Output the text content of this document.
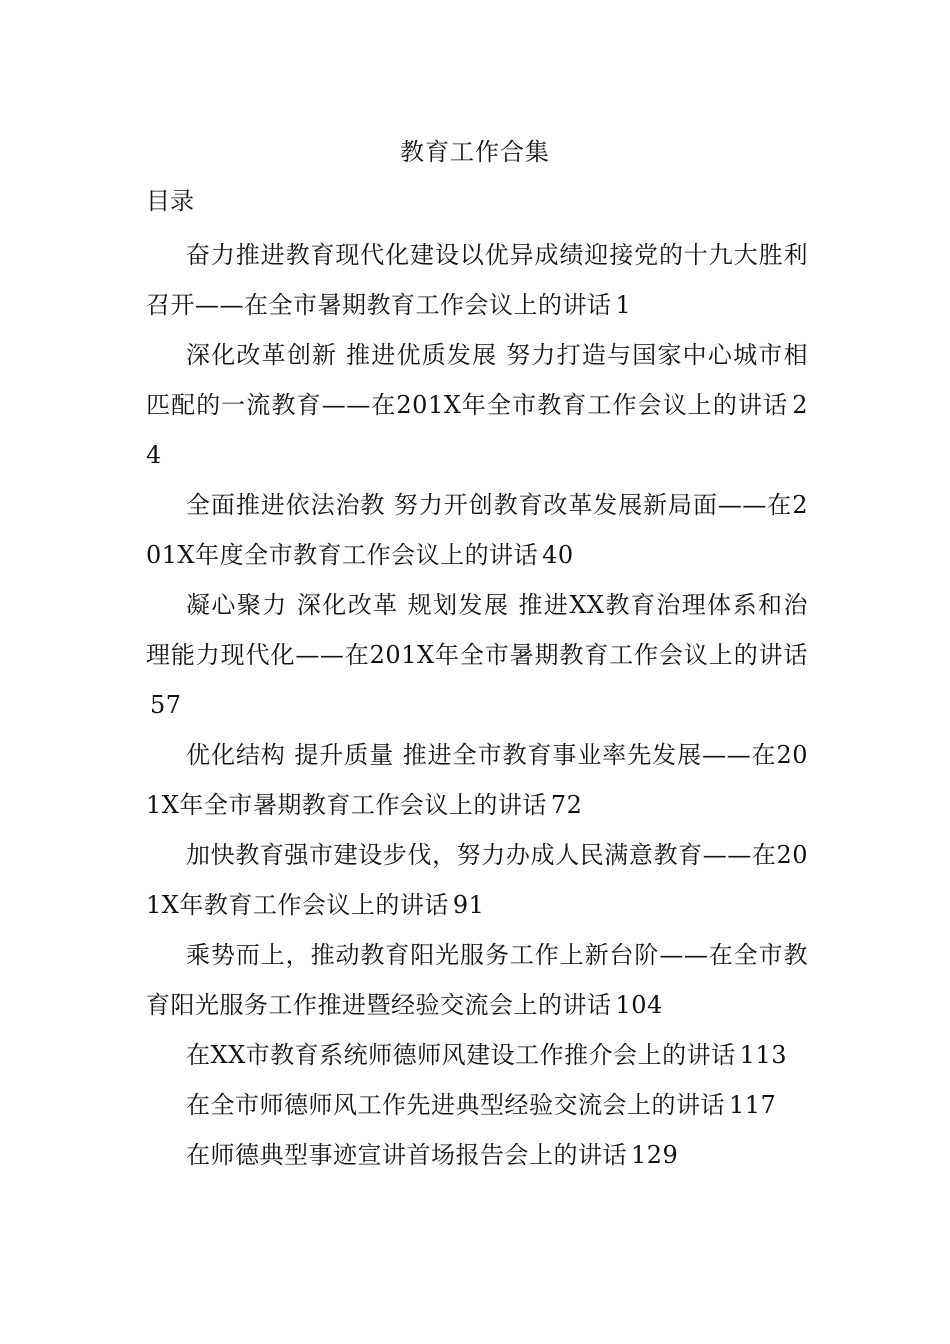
教育工作合集
目录

奋力推进教育现代化建设以优异成绩迎接党的十九大胜利召开——在全市暑期教育工作会议上的讲话 1

深化改革创新 推进优质发展 努力打造与国家中心城市相匹配的一流教育——在201X年全市教育工作会议上的讲话 24

全面推进依法治教 努力开创教育改革发展新局面——在201X年度全市教育工作会议上的讲话 40

凝心聚力 深化改革 规划发展 推进XX教育治理体系和治理能力现代化——在201X年全市暑期教育工作会议上的讲话57

优化结构 提升质量 推进全市教育事业率先发展——在201X年全市暑期教育工作会议上的讲话 72

加快教育强市建设步伐，努力办成人民满意教育——在201X年教育工作会议上的讲话 91

乘势而上，推动教育阳光服务工作上新台阶——在全市教育阳光服务工作推进暨经验交流会上的讲话 104

在XX市教育系统师德师风建设工作推介会上的讲话 113

在全市师德师风工作先进典型经验交流会上的讲话 117

在师德典型事迹宣讲首场报告会上的讲话 129
